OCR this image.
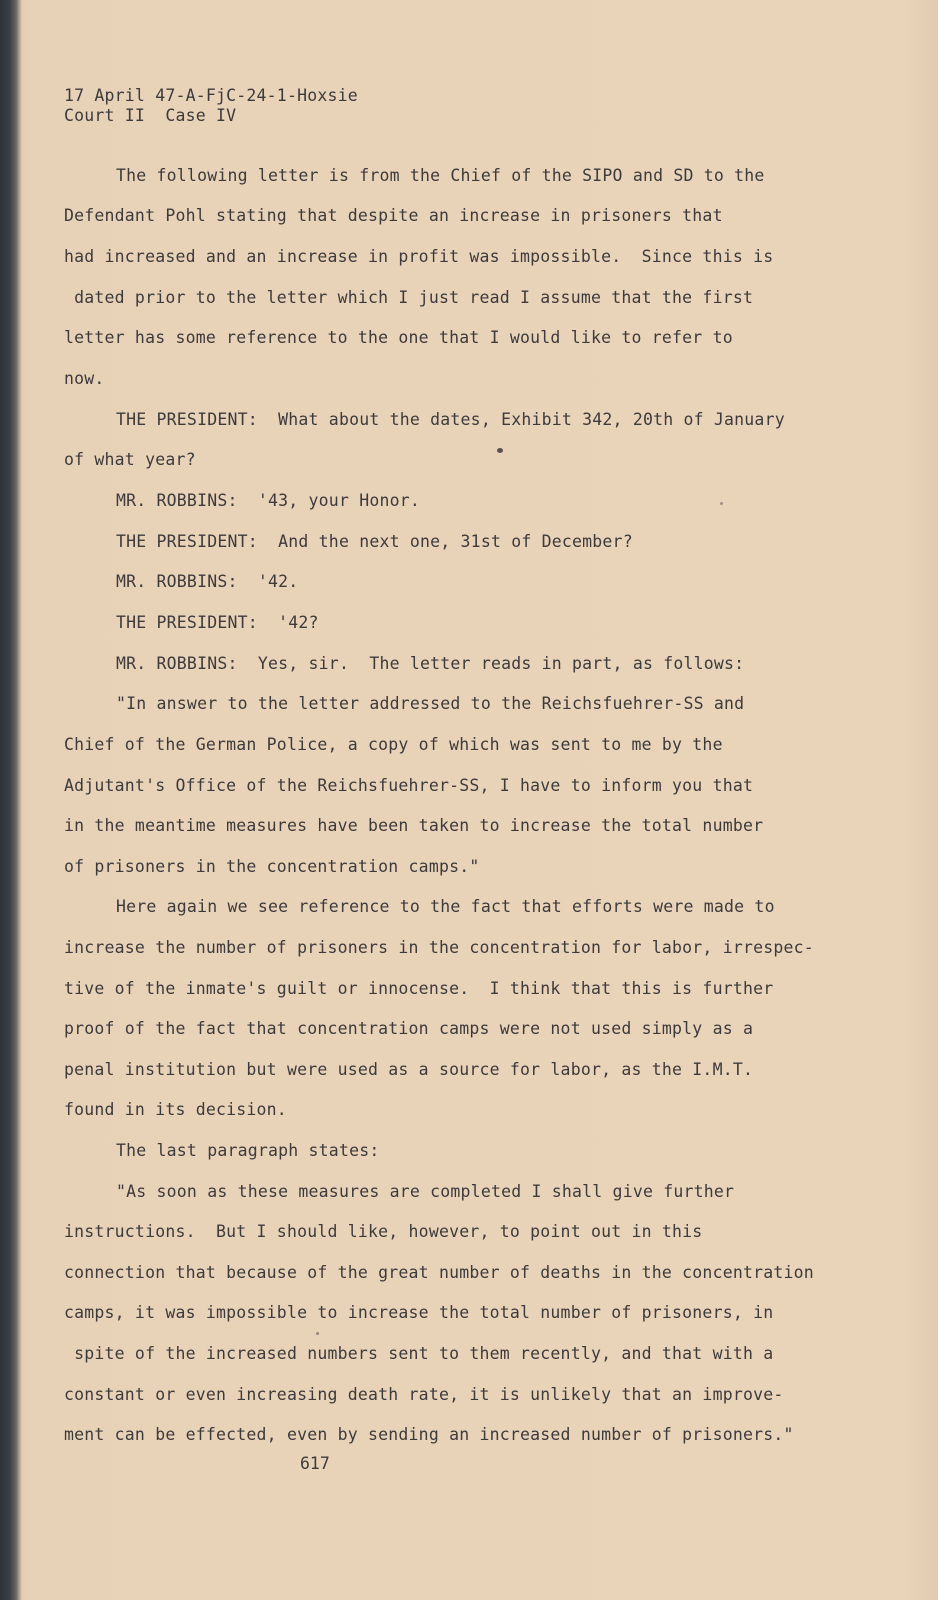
17 April 47-A-FjC-24-1-Hoxsie
Court II  Case IV
The following letter is from the Chief of the SIPO and SD to the
Defendant Pohl stating that despite an increase in prisoners that
had increased and an increase in profit was impossible.  Since this is
dated prior to the letter which I just read I assume that the first
letter has some reference to the one that I would like to refer to
now.
THE PRESIDENT:  What about the dates, Exhibit 342, 20th of January
of what year?
MR. ROBBINS:  '43, your Honor.
THE PRESIDENT:  And the next one, 31st of December?
MR. ROBBINS:  '42.
THE PRESIDENT:  '42?
MR. ROBBINS:  Yes, sir.  The letter reads in part, as follows:
"In answer to the letter addressed to the Reichsfuehrer-SS and
Chief of the German Police, a copy of which was sent to me by the
Adjutant's Office of the Reichsfuehrer-SS, I have to inform you that
in the meantime measures have been taken to increase the total number
of prisoners in the concentration camps."
Here again we see reference to the fact that efforts were made to
increase the number of prisoners in the concentration for labor, irrespec-
tive of the inmate's guilt or innocense.  I think that this is further
proof of the fact that concentration camps were not used simply as a
penal institution but were used as a source for labor, as the I.M.T.
found in its decision.
The last paragraph states:
"As soon as these measures are completed I shall give further
instructions.  But I should like, however, to point out in this
connection that because of the great number of deaths in the concentration
camps, it was impossible to increase the total number of prisoners, in
spite of the increased numbers sent to them recently, and that with a
constant or even increasing death rate, it is unlikely that an improve-
ment can be effected, even by sending an increased number of prisoners."
617
